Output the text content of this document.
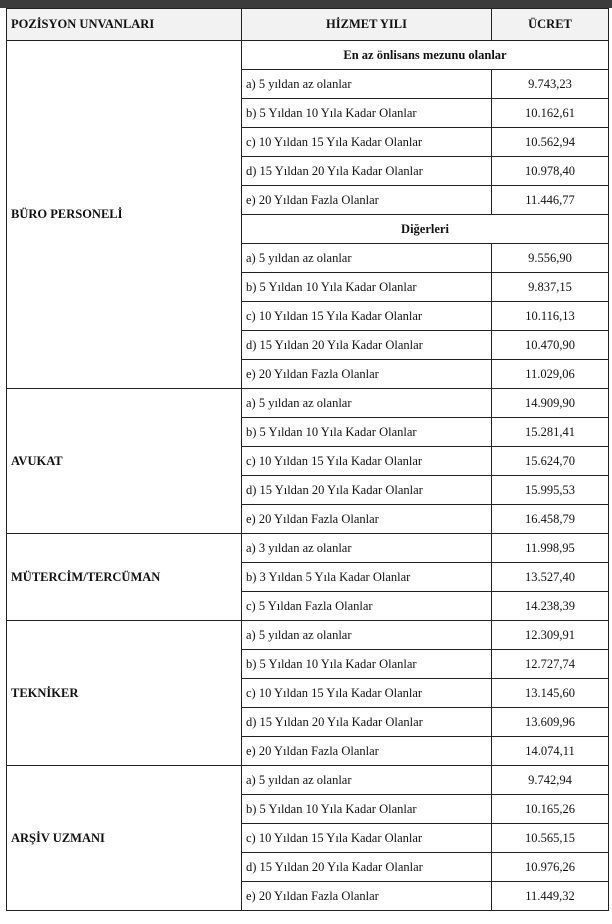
POZİSYON UNVANLARI	HİZMET YILI	ÜCRET
BÜRO PERSONELİ	En az önlisans mezunu olanlar	
	a) 5 yıldan az olanlar	9.743,23
	b) 5 Yıldan 10 Yıla Kadar Olanlar	10.162,61
	c) 10 Yıldan 15 Yıla Kadar Olanlar	10.562,94
	d) 15 Yıldan 20 Yıla Kadar Olanlar	10.978,40
	e) 20 Yıldan Fazla Olanlar	11.446,77
	Diğerleri	
	a) 5 yıldan az olanlar	9.556,90
	b) 5 Yıldan 10 Yıla Kadar Olanlar	9.837,15
	c) 10 Yıldan 15 Yıla Kadar Olanlar	10.116,13
	d) 15 Yıldan 20 Yıla Kadar Olanlar	10.470,90
	e) 20 Yıldan Fazla Olanlar	11.029,06
AVUKAT	a) 5 yıldan az olanlar	14.909,90
	b) 5 Yıldan 10 Yıla Kadar Olanlar	15.281,41
	c) 10 Yıldan 15 Yıla Kadar Olanlar	15.624,70
	d) 15 Yıldan 20 Yıla Kadar Olanlar	15.995,53
	e) 20 Yıldan Fazla Olanlar	16.458,79
MÜTERCİM/TERCÜMAN	a) 3 yıldan az olanlar	11.998,95
	b) 3 Yıldan 5 Yıla Kadar Olanlar	13.527,40
	c) 5 Yıldan Fazla Olanlar	14.238,39
TEKNİKER	a) 5 yıldan az olanlar	12.309,91
	b) 5 Yıldan 10 Yıla Kadar Olanlar	12.727,74
	c) 10 Yıldan 15 Yıla Kadar Olanlar	13.145,60
	d) 15 Yıldan 20 Yıla Kadar Olanlar	13.609,96
	e) 20 Yıldan Fazla Olanlar	14.074,11
ARŞİV UZMANI	a) 5 yıldan az olanlar	9.742,94
	b) 5 Yıldan 10 Yıla Kadar Olanlar	10.165,26
	c) 10 Yıldan 15 Yıla Kadar Olanlar	10.565,15
	d) 15 Yıldan 20 Yıla Kadar Olanlar	10.976,26
	e) 20 Yıldan Fazla Olanlar	11.449,32
